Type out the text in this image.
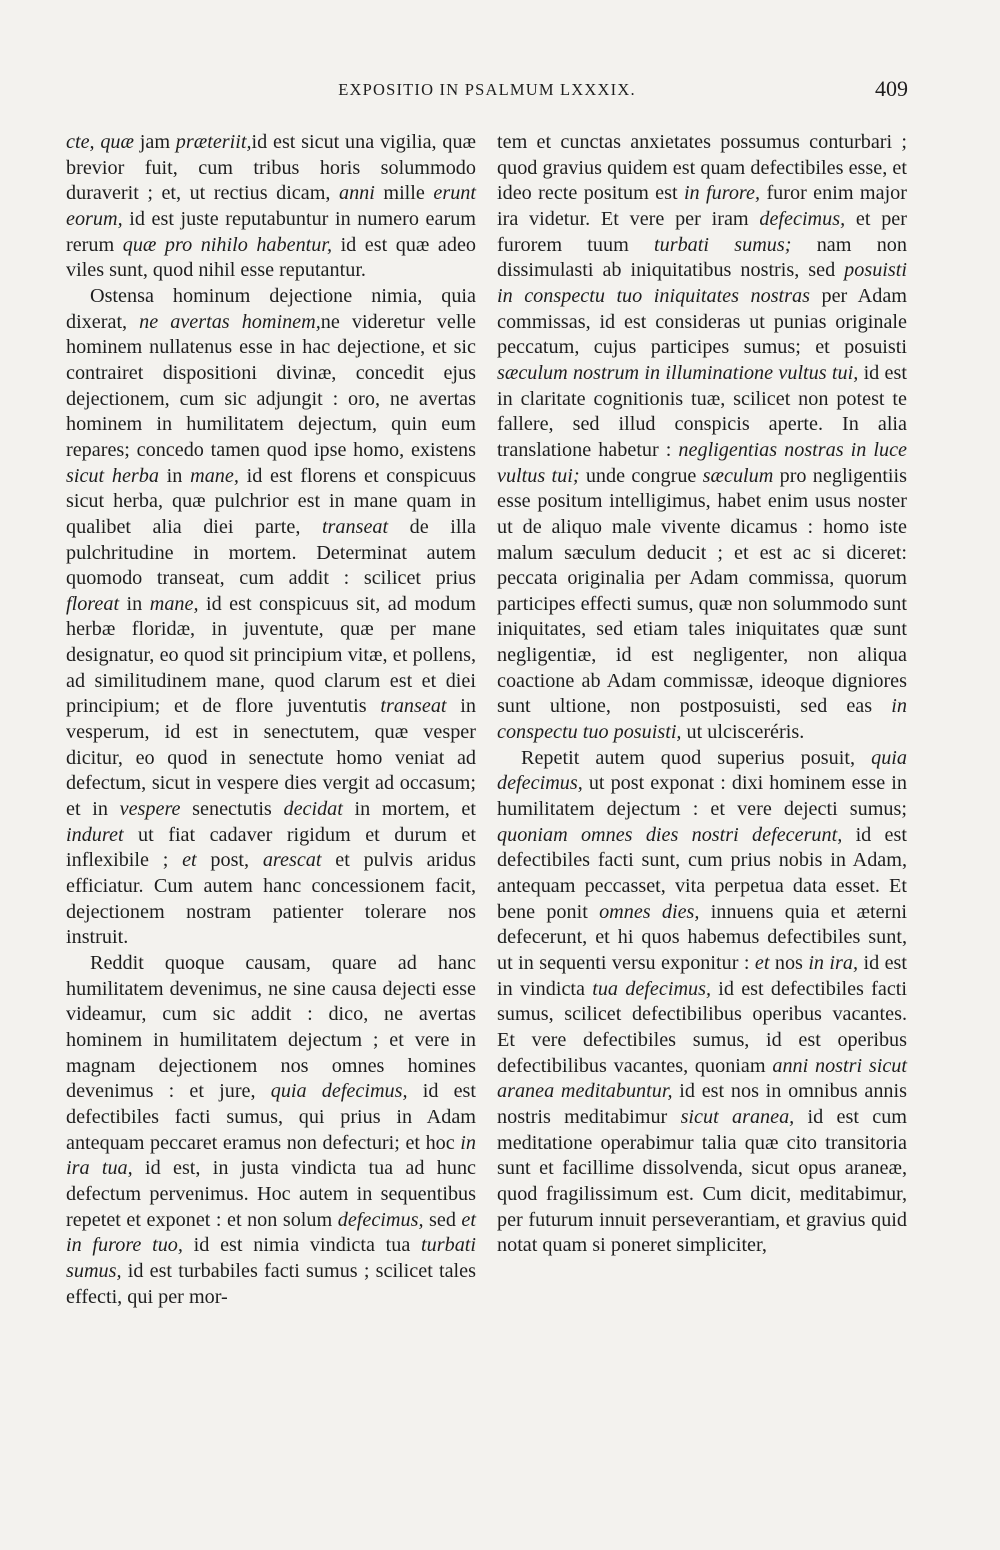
EXPOSITIO IN PSALMUM LXXXIX.	409

cte, quæ jam præteriit,id est sicut una vigilia, quæ brevior fuit, cum tribus horis solummodo duraverit ; et, ut rectius dicam, anni mille erunt eorum, id est juste reputabuntur in numero earum rerum quæ pro nihilo habentur, id est quæ adeo viles sunt, quod nihil esse reputantur.

Ostensa hominum dejectione nimia, quia dixerat, ne avertas hominem,ne videretur velle hominem nullatenus esse in hac dejectione, et sic contrairet dispositioni divinæ, concedit ejus dejectionem, cum sic adjungit : oro, ne avertas hominem in humilitatem dejectum, quin eum repares; concedo tamen quod ipse homo, existens sicut herba in mane, id est florens et conspicuus sicut herba, quæ pulchrior est in mane quam in qualibet alia diei parte, transeat de illa pulchritudine in mortem. Determinat autem quomodo transeat, cum addit : scilicet prius floreat in mane, id est conspicuus sit, ad modum herbæ floridæ, in juventute, quæ per mane designatur, eo quod sit principium vitæ, et pollens, ad similitudinem mane, quod clarum est et diei principium; et de flore juventutis transeat in vesperum, id est in senectutem, quæ vesper dicitur, eo quod in senectute homo veniat ad defectum, sicut in vespere dies vergit ad occasum; et in vespere senectutis decidat in mortem, et induret ut fiat cadaver rigidum et durum et inflexibile ; et post, arescat et pulvis aridus efficiatur. Cum autem hanc concessionem facit, dejectionem nostram patienter tolerare nos instruit.

Reddit quoque causam, quare ad hanc humilitatem devenimus, ne sine causa dejecti esse videamur, cum sic addit : dico, ne avertas hominem in humilitatem dejectum ; et vere in magnam dejectionem nos omnes homines devenimus : et jure, quia defecimus, id est defectibiles facti sumus, qui prius in Adam antequam peccaret eramus non defecturi; et hoc in ira tua, id est, in justa vindicta tua ad hunc defectum pervenimus. Hoc autem in sequentibus repetet et exponet : et non solum defecimus, sed et in furore tuo, id est nimia vindicta tua turbati sumus, id est turbabiles facti sumus ; scilicet tales effecti, qui per mor-

tem et cunctas anxietates possumus conturbari ; quod gravius quidem est quam defectibiles esse, et ideo recte positum est in furore, furor enim major ira videtur. Et vere per iram defecimus, et per furorem tuum turbati sumus; nam non dissimulasti ab iniquitatibus nostris, sed posuisti in conspectu tuo iniquitates nostras per Adam commissas, id est consideras ut punias originale peccatum, cujus participes sumus; et posuisti sæculum nostrum in illuminatione vultus tui, id est in claritate cognitionis tuæ, scilicet non potest te fallere, sed illud conspicis aperte. In alia translatione habetur : negligentias nostras in luce vultus tui; unde congrue sæculum pro negligentiis esse positum intelligimus, habet enim usus noster ut de aliquo male vivente dicamus : homo iste malum sæculum deducit ; et est ac si diceret: peccata originalia per Adam commissa, quorum participes effecti sumus, quæ non solummodo sunt iniquitates, sed etiam tales iniquitates quæ sunt negligentiæ, id est negligenter, non aliqua coactione ab Adam commissæ, ideoque digniores sunt ultione, non postposuisti, sed eas in conspectu tuo posuisti, ut ulcisceréris.

Repetit autem quod superius posuit, quia defecimus, ut post exponat : dixi hominem esse in humilitatem dejectum : et vere dejecti sumus; quoniam omnes dies nostri defecerunt, id est defectibiles facti sunt, cum prius nobis in Adam, antequam peccasset, vita perpetua data esset. Et bene ponit omnes dies, innuens quia et æterni defecerunt, et hi quos habemus defectibiles sunt, ut in sequenti versu exponitur : et nos in ira, id est in vindicta tua defecimus, id est defectibiles facti sumus, scilicet defectibilibus operibus vacantes. Et vere defectibiles sumus, id est operibus defectibilibus vacantes, quoniam anni nostri sicut aranea meditabuntur, id est nos in omnibus annis nostris meditabimur sicut aranea, id est cum meditatione operabimur talia quæ cito transitoria sunt et facillime dissolvenda, sicut opus araneæ, quod fragilissimum est. Cum dicit, meditabimur, per futurum innuit perseverantiam, et gravius quid notat quam si poneret simpliciter,
